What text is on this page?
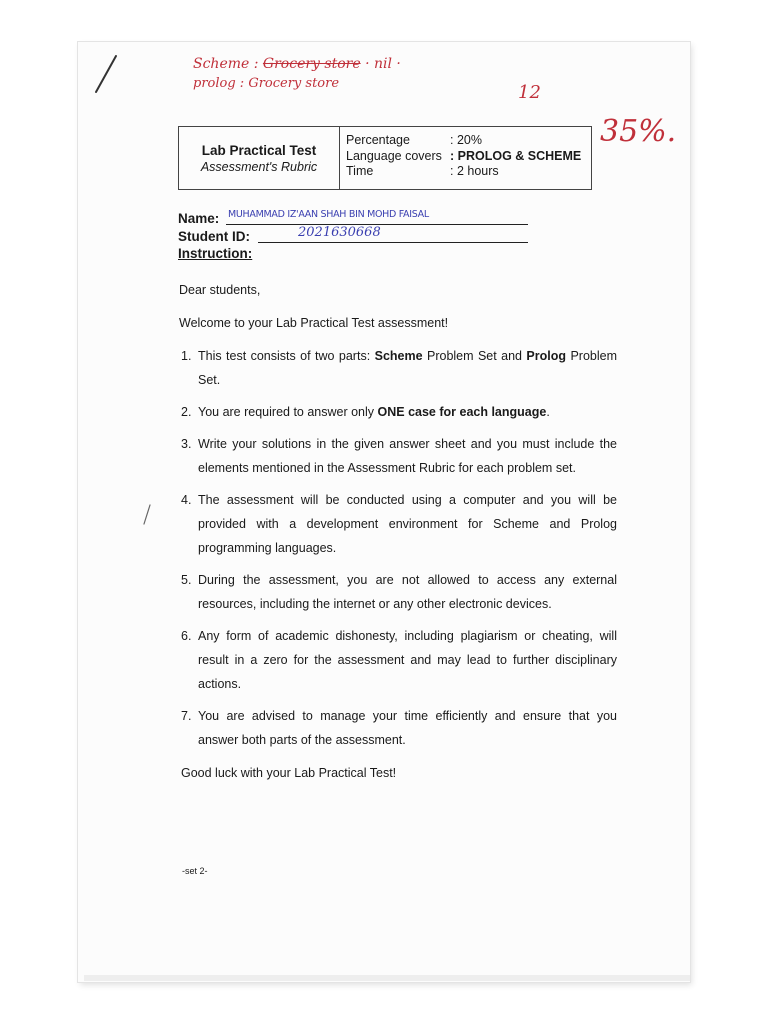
Scheme : Grocery store · nil ·
prolog : Grocery store	12
35%.
Lab Practical Test
Assessment's Rubric
Percentage	: 20%
Language covers : PROLOG & SCHEME
Time	: 2 hours
Name: MUHAMMAD IZ'AAN SHAH BIN MOHD FAISAL
Student ID:	2021630668
Instruction:
Dear students,
Welcome to your Lab Practical Test assessment!
1. This test consists of two parts: Scheme Problem Set and Prolog Problem Set.
2. You are required to answer only ONE case for each language.
3. Write your solutions in the given answer sheet and you must include the elements mentioned in the Assessment Rubric for each problem set.
4. The assessment will be conducted using a computer and you will be provided with a development environment for Scheme and Prolog programming languages.
5. During the assessment, you are not allowed to access any external resources, including the internet or any other electronic devices.
6. Any form of academic dishonesty, including plagiarism or cheating, will result in a zero for the assessment and may lead to further disciplinary actions.
7. You are advised to manage your time efficiently and ensure that you answer both parts of the assessment.
Good luck with your Lab Practical Test!
-set 2-
